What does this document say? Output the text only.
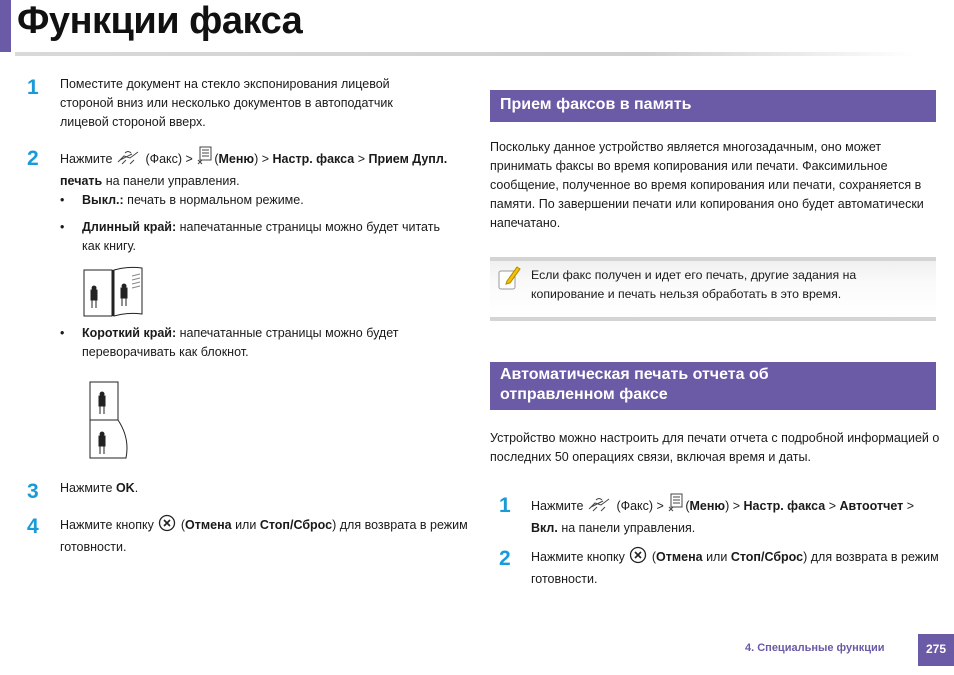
Функции факса
1 Поместите документ на стекло экспонирования лицевой стороной вниз или несколько документов в автоподатчик лицевой стороной вверх.
2 Нажмите	(Факс) > (Меню) > Настр. факса > Прием Дупл. печать на панели управления.
• Выкл.: печать в нормальном режиме.
• Длинный край: напечатанные страницы можно будет читать как книгу.
• Короткий край: напечатанные страницы можно будет переворачивать как блокнот.
3 Нажмите OK.
4 Нажмите кнопку (Отмена или Стоп/Сброс) для возврата в режим готовности.
Прием факсов в память
Поскольку данное устройство является многозадачным, оно может принимать факсы во время копирования или печати. Факсимильное сообщение, полученное во время копирования или печати, сохраняется в памяти. По завершении печати или копирования оно будет автоматически напечатано.
Если факс получен и идет его печать, другие задания на копирование и печать нельзя обработать в это время.
Автоматическая печать отчета об
отправленном факсе
Устройство можно настроить для печати отчета с подробной информацией о последних 50 операциях связи, включая время и даты.
1 Нажмите	(Факс) > (Меню) > Настр. факса > Автоотчет > Вкл. на панели управления.
2 Нажмите кнопку (Отмена или Стоп/Сброс) для возврата в режим готовности.
4. Специальные функции	275
